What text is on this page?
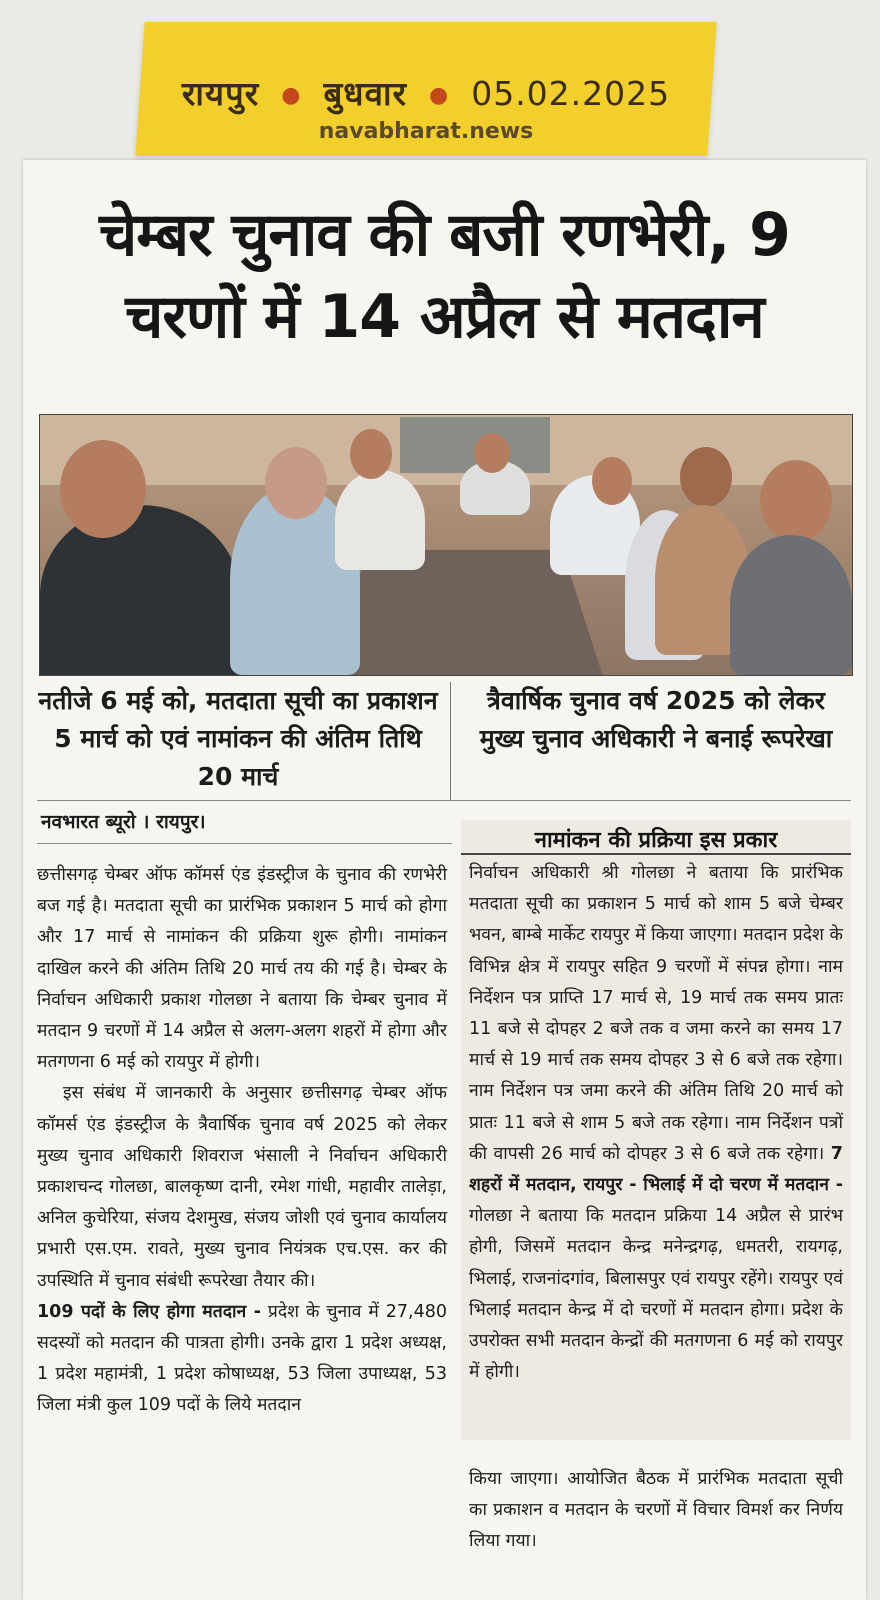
रायपुर ● बुधवार ● 05.02.2025
navabharat.news
चेम्बर चुनाव की बजी रणभेरी, 9
चरणों में 14 अप्रैल से मतदान
नतीजे 6 मई को, मतदाता सूची का प्रकाशन 5 मार्च को एवं नामांकन की अंतिम तिथि 20 मार्च
त्रैवार्षिक चुनाव वर्ष 2025 को लेकर मुख्य चुनाव अधिकारी ने बनाई रूपरेखा
नवभारत ब्यूरो । रायपुर।

छत्तीसगढ़ चेम्बर ऑफ कॉमर्स एंड इंडस्ट्रीज के चुनाव की रणभेरी बज गई है। मतदाता सूची का प्रारंभिक प्रकाशन 5 मार्च को होगा और 17 मार्च से नामांकन की प्रक्रिया शुरू होगी। नामांकन दाखिल करने की अंतिम तिथि 20 मार्च तय की गई है। चेम्बर के निर्वाचन अधिकारी प्रकाश गोलछा ने बताया कि चेम्बर चुनाव में मतदान 9 चरणों में 14 अप्रैल से अलग-अलग शहरों में होगा और मतगणना 6 मई को रायपुर में होगी।

इस संबंध में जानकारी के अनुसार छत्तीसगढ़ चेम्बर ऑफ कॉमर्स एंड इंडस्ट्रीज के त्रैवार्षिक चुनाव वर्ष 2025 को लेकर मुख्य चुनाव अधिकारी शिवराज भंसाली ने निर्वाचन अधिकारी प्रकाशचन्द गोलछा, बालकृष्ण दानी, रमेश गांधी, महावीर तालेड़ा, अनिल कुचेरिया, संजय देशमुख, संजय जोशी एवं चुनाव कार्यालय प्रभारी एस.एम. रावते, मुख्य चुनाव नियंत्रक एच.एस. कर की उपस्थिति में चुनाव संबंधी रूपरेखा तैयार की।

109 पदों के लिए होगा मतदान - प्रदेश के चुनाव में 27,480 सदस्यों को मतदान की पात्रता होगी। उनके द्वारा 1 प्रदेश अध्यक्ष, 1 प्रदेश महामंत्री, 1 प्रदेश कोषाध्यक्ष, 53 जिला उपाध्यक्ष, 53 जिला मंत्री कुल 109 पदों के लिये मतदान

नामांकन की प्रक्रिया इस प्रकार

निर्वाचन अधिकारी श्री गोलछा ने बताया कि प्रारंभिक मतदाता सूची का प्रकाशन 5 मार्च को शाम 5 बजे चेम्बर भवन, बाम्बे मार्केट रायपुर में किया जाएगा। मतदान प्रदेश के विभिन्न क्षेत्र में रायपुर सहित 9 चरणों में संपन्न होगा। नाम निर्देशन पत्र प्राप्ति 17 मार्च से, 19 मार्च तक समय प्रातः 11 बजे से दोपहर 2 बजे तक व जमा करने का समय 17 मार्च से 19 मार्च तक समय दोपहर 3 से 6 बजे तक रहेगा। नाम निर्देशन पत्र जमा करने की अंतिम तिथि 20 मार्च को प्रातः 11 बजे से शाम 5 बजे तक रहेगा। नाम निर्देशन पत्रों की वापसी 26 मार्च को दोपहर 3 से 6 बजे तक रहेगा। 7 शहरों में मतदान, रायपुर - भिलाई में दो चरण में मतदान - गोलछा ने बताया कि मतदान प्रक्रिया 14 अप्रैल से प्रारंभ होगी, जिसमें मतदान केन्द्र मनेन्द्रगढ़, धमतरी, रायगढ़, भिलाई, राजनांदगांव, बिलासपुर एवं रायपुर रहेंगे। रायपुर एवं भिलाई मतदान केन्द्र में दो चरणों में मतदान होगा। प्रदेश के उपरोक्त सभी मतदान केन्द्रों की मतगणना 6 मई को रायपुर में होगी।

किया जाएगा। आयोजित बैठक में प्रारंभिक मतदाता सूची का प्रकाशन व मतदान के चरणों में विचार विमर्श कर निर्णय लिया गया।
